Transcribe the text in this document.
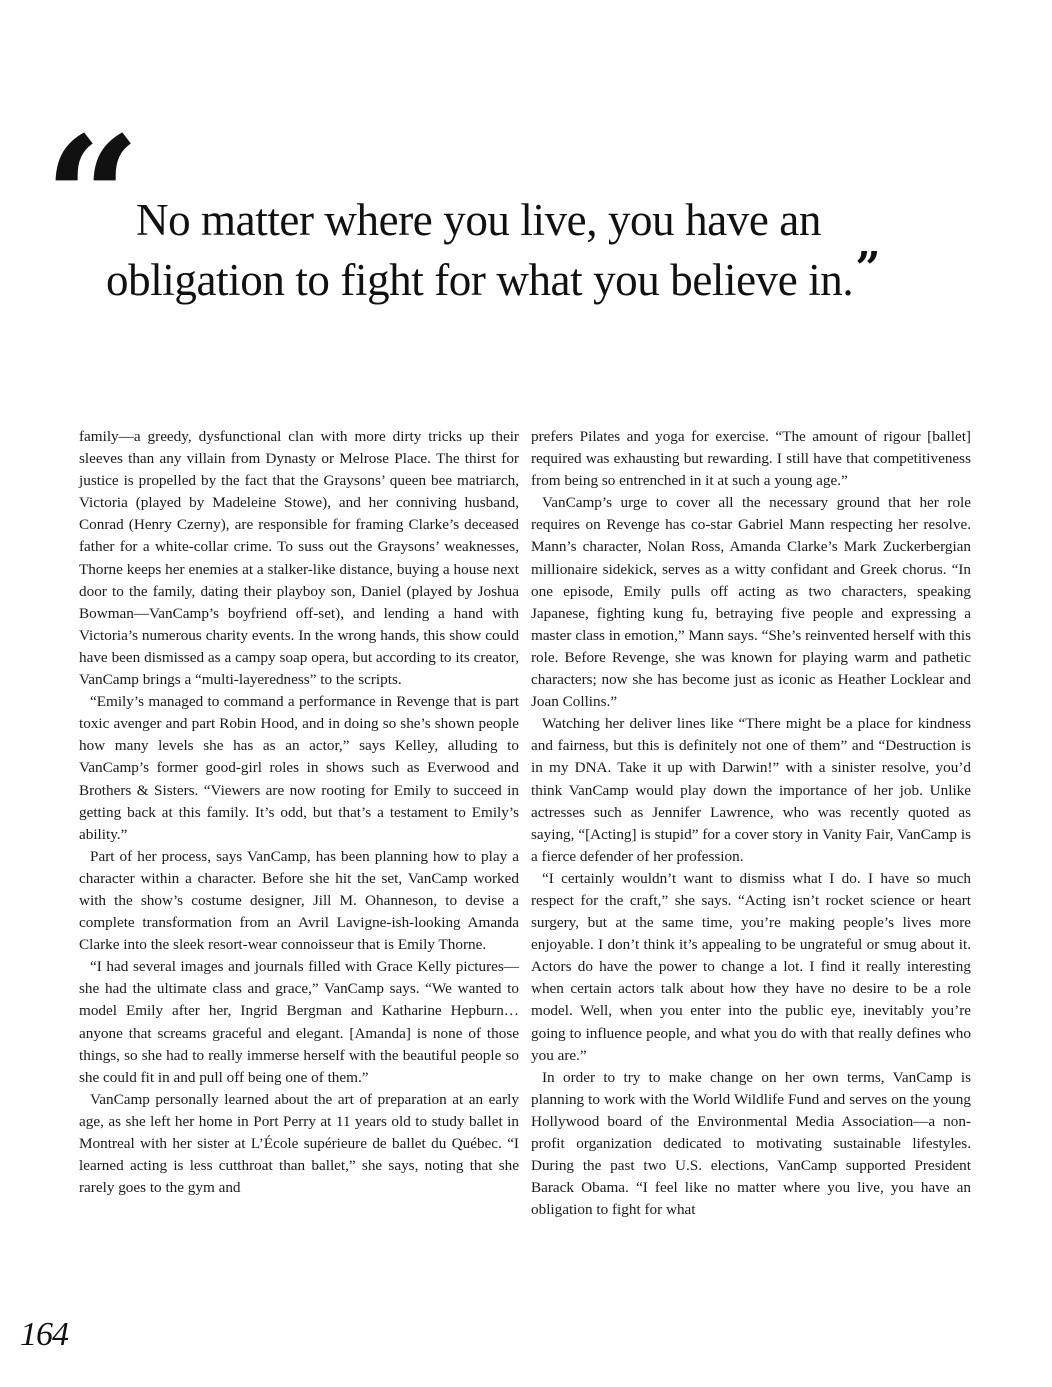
“
No matter where you live, you have an
obligation to fight for what you believe in.”

family—a greedy, dysfunctional clan with more dirty tricks up their sleeves than any villain from Dynasty or Melrose Place. The thirst for justice is propelled by the fact that the Graysons’ queen bee matriarch, Victoria (played by Madeleine Stowe), and her conniving husband, Conrad (Henry Czerny), are responsible for framing Clarke’s deceased father for a white-collar crime. To suss out the Graysons’ weaknesses, Thorne keeps her enemies at a stalker-like distance, buying a house next door to the family, dating their playboy son, Daniel (played by Joshua Bowman—VanCamp’s boyfriend off-set), and lending a hand with Victoria’s numerous charity events. In the wrong hands, this show could have been dismissed as a campy soap opera, but according to its creator, VanCamp brings a “multi-layeredness” to the scripts.

“Emily’s managed to command a performance in Revenge that is part toxic avenger and part Robin Hood, and in doing so she’s shown people how many levels she has as an actor,” says Kelley, alluding to VanCamp’s former good-girl roles in shows such as Everwood and Brothers & Sisters. “Viewers are now rooting for Emily to succeed in getting back at this family. It’s odd, but that’s a testament to Emily’s ability.”

Part of her process, says VanCamp, has been planning how to play a character within a character. Before she hit the set, VanCamp worked with the show’s costume designer, Jill M. Ohanneson, to devise a complete transformation from an Avril Lavigne-ish-looking Amanda Clarke into the sleek resort-wear connoisseur that is Emily Thorne.

“I had several images and journals filled with Grace Kelly pictures—she had the ultimate class and grace,” VanCamp says. “We wanted to model Emily after her, Ingrid Bergman and Katharine Hepburn… anyone that screams graceful and elegant. [Amanda] is none of those things, so she had to really immerse herself with the beautiful people so she could fit in and pull off being one of them.”

VanCamp personally learned about the art of preparation at an early age, as she left her home in Port Perry at 11 years old to study ballet in Montreal with her sister at L’École supérieure de ballet du Québec. “I learned acting is less cutthroat than ballet,” she says, noting that she rarely goes to the gym and

prefers Pilates and yoga for exercise. “The amount of rigour [ballet] required was exhausting but rewarding. I still have that competitiveness from being so entrenched in it at such a young age.”

VanCamp’s urge to cover all the necessary ground that her role requires on Revenge has co-star Gabriel Mann respecting her resolve. Mann’s character, Nolan Ross, Amanda Clarke’s Mark Zuckerbergian millionaire sidekick, serves as a witty confidant and Greek chorus. “In one episode, Emily pulls off acting as two characters, speaking Japanese, fighting kung fu, betraying five people and expressing a master class in emotion,” Mann says. “She’s reinvented herself with this role. Before Revenge, she was known for playing warm and pathetic characters; now she has become just as iconic as Heather Locklear and Joan Collins.”

Watching her deliver lines like “There might be a place for kindness and fairness, but this is definitely not one of them” and “Destruction is in my DNA. Take it up with Darwin!” with a sinister resolve, you’d think VanCamp would play down the importance of her job. Unlike actresses such as Jennifer Lawrence, who was recently quoted as saying, “[Acting] is stupid” for a cover story in Vanity Fair, VanCamp is a fierce defender of her profession.

“I certainly wouldn’t want to dismiss what I do. I have so much respect for the craft,” she says. “Acting isn’t rocket science or heart surgery, but at the same time, you’re making people’s lives more enjoyable. I don’t think it’s appealing to be ungrateful or smug about it. Actors do have the power to change a lot. I find it really interesting when certain actors talk about how they have no desire to be a role model. Well, when you enter into the public eye, inevitably you’re going to influence people, and what you do with that really defines who you are.”

In order to try to make change on her own terms, VanCamp is planning to work with the World Wildlife Fund and serves on the young Hollywood board of the Environmental Media Association—a non-profit organization dedicated to motivating sustainable lifestyles. During the past two U.S. elections, VanCamp supported President Barack Obama. “I feel like no matter where you live, you have an obligation to fight for what

164
